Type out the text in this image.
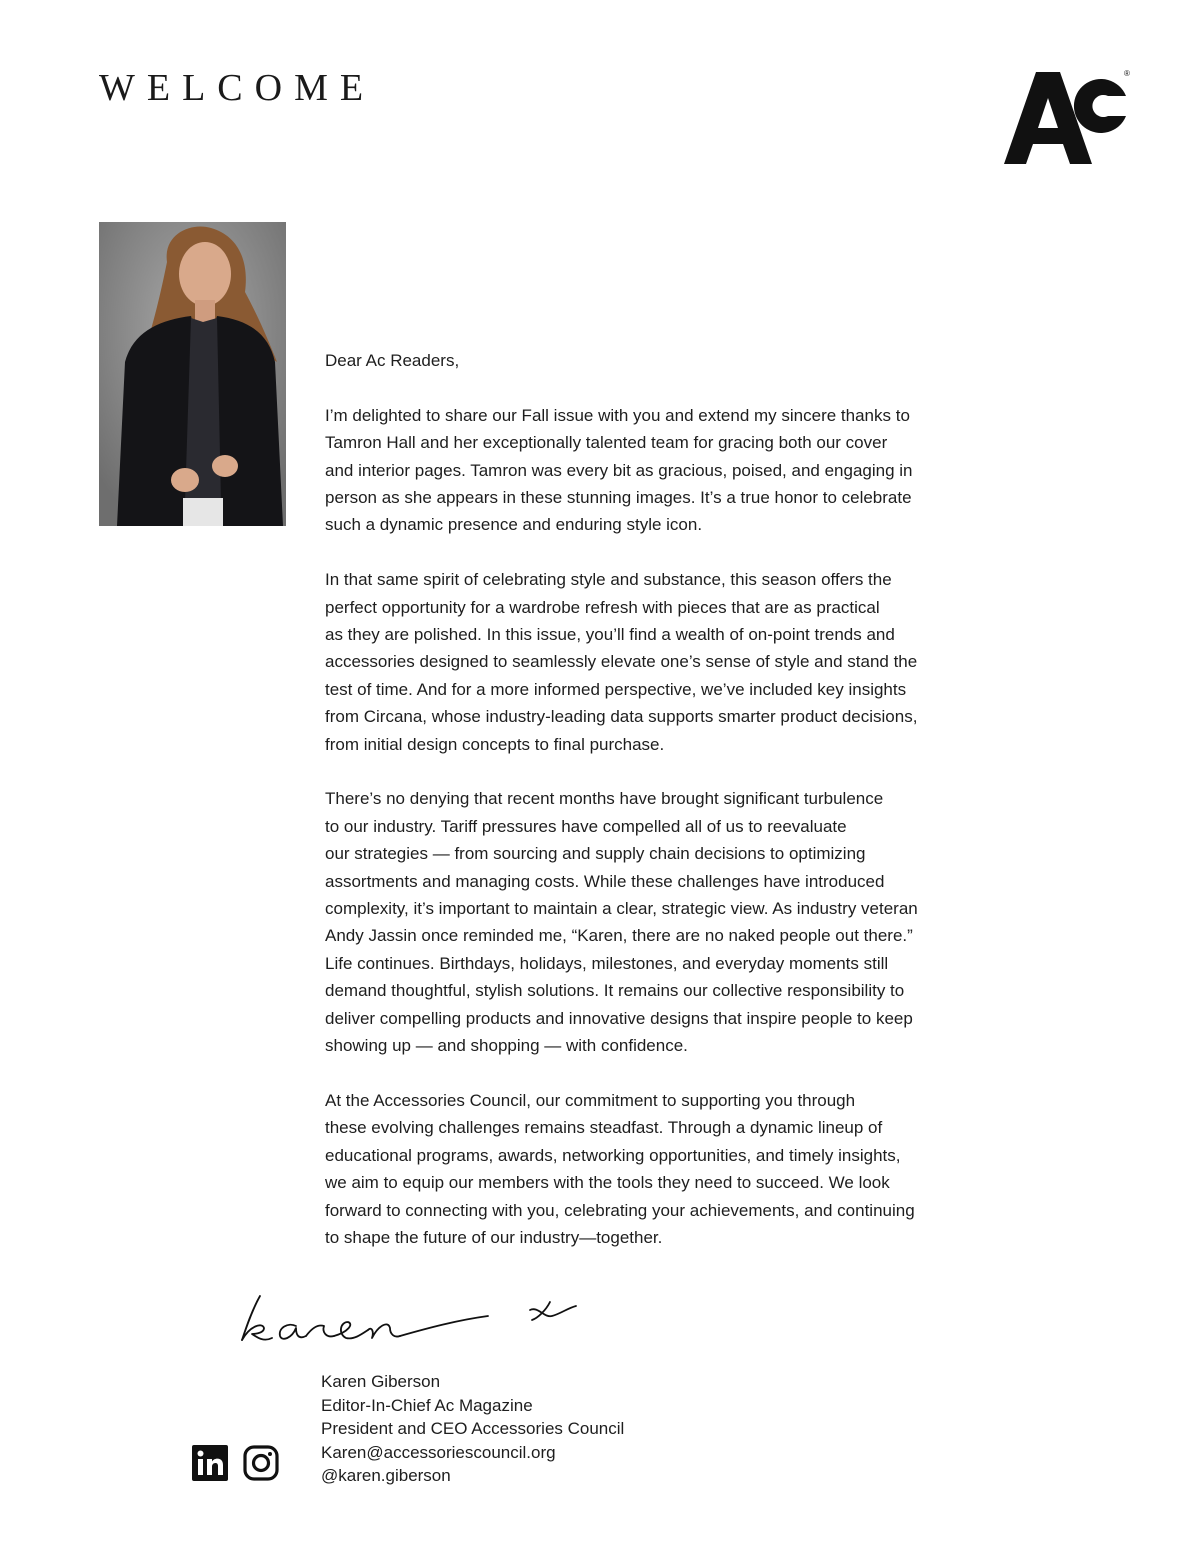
WELCOME	®

Dear Ac Readers,

I’m delighted to share our Fall issue with you and extend my sincere thanks to
Tamron Hall and her exceptionally talented team for gracing both our cover
and interior pages. Tamron was every bit as gracious, poised, and engaging in
person as she appears in these stunning images. It’s a true honor to celebrate
such a dynamic presence and enduring style icon.

In that same spirit of celebrating style and substance, this season offers the
perfect opportunity for a wardrobe refresh with pieces that are as practical
as they are polished. In this issue, you’ll find a wealth of on-point trends and
accessories designed to seamlessly elevate one’s sense of style and stand the
test of time. And for a more informed perspective, we’ve included key insights
from Circana, whose industry-leading data supports smarter product decisions,
from initial design concepts to final purchase.

There’s no denying that recent months have brought significant turbulence
to our industry. Tariff pressures have compelled all of us to reevaluate
our strategies — from sourcing and supply chain decisions to optimizing
assortments and managing costs. While these challenges have introduced
complexity, it’s important to maintain a clear, strategic view. As industry veteran
Andy Jassin once reminded me, “Karen, there are no naked people out there.”
Life continues. Birthdays, holidays, milestones, and everyday moments still
demand thoughtful, stylish solutions. It remains our collective responsibility to
deliver compelling products and innovative designs that inspire people to keep
showing up — and shopping — with confidence.

At the Accessories Council, our commitment to supporting you through
these evolving challenges remains steadfast. Through a dynamic lineup of
educational programs, awards, networking opportunities, and timely insights,
we aim to equip our members with the tools they need to succeed. We look
forward to connecting with you, celebrating your achievements, and continuing
to shape the future of our industry—together.

Karen Giberson
Editor-In-Chief Ac Magazine
President and CEO Accessories Council
Karen@accessoriescouncil.org
@karen.giberson
